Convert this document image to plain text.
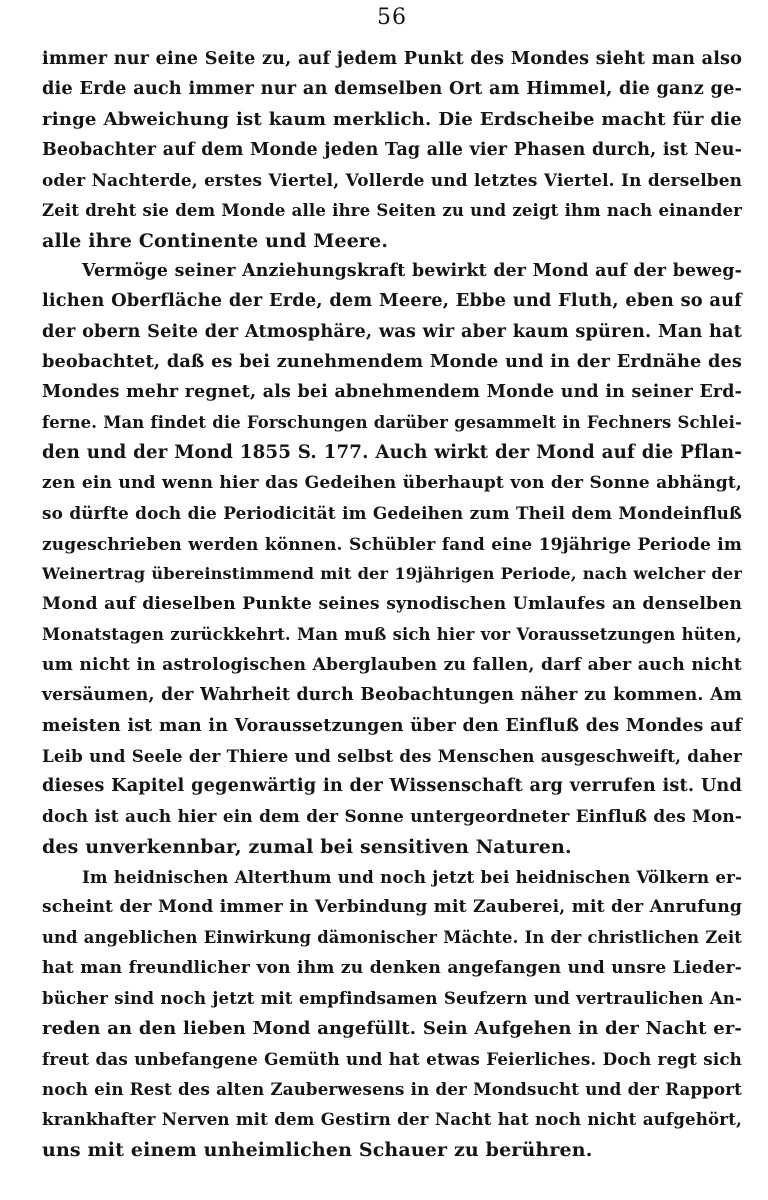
56
immer nur eine Seite zu, auf jedem Punkt des Mondes sieht man also
die Erde auch immer nur an demselben Ort am Himmel, die ganz ge-
ringe Abweichung ist kaum merklich. Die Erdscheibe macht für die
Beobachter auf dem Monde jeden Tag alle vier Phasen durch, ist Neu-
oder Nachterde, erstes Viertel, Vollerde und letztes Viertel. In derselben
Zeit dreht sie dem Monde alle ihre Seiten zu und zeigt ihm nach einander
alle ihre Continente und Meere.
Vermöge seiner Anziehungskraft bewirkt der Mond auf der beweg-
lichen Oberfläche der Erde, dem Meere, Ebbe und Fluth, eben so auf
der obern Seite der Atmosphäre, was wir aber kaum spüren. Man hat
beobachtet, daß es bei zunehmendem Monde und in der Erdnähe des
Mondes mehr regnet, als bei abnehmendem Monde und in seiner Erd-
ferne. Man findet die Forschungen darüber gesammelt in Fechners Schlei-
den und der Mond 1855 S. 177. Auch wirkt der Mond auf die Pflan-
zen ein und wenn hier das Gedeihen überhaupt von der Sonne abhängt,
so dürfte doch die Periodicität im Gedeihen zum Theil dem Mondeinfluß
zugeschrieben werden können. Schübler fand eine 19jährige Periode im
Weinertrag übereinstimmend mit der 19jährigen Periode, nach welcher der
Mond auf dieselben Punkte seines synodischen Umlaufes an denselben
Monatstagen zurückkehrt. Man muß sich hier vor Voraussetzungen hüten,
um nicht in astrologischen Aberglauben zu fallen, darf aber auch nicht
versäumen, der Wahrheit durch Beobachtungen näher zu kommen. Am
meisten ist man in Voraussetzungen über den Einfluß des Mondes auf
Leib und Seele der Thiere und selbst des Menschen ausgeschweift, daher
dieses Kapitel gegenwärtig in der Wissenschaft arg verrufen ist. Und
doch ist auch hier ein dem der Sonne untergeordneter Einfluß des Mon-
des unverkennbar, zumal bei sensitiven Naturen.
Im heidnischen Alterthum und noch jetzt bei heidnischen Völkern er-
scheint der Mond immer in Verbindung mit Zauberei, mit der Anrufung
und angeblichen Einwirkung dämonischer Mächte. In der christlichen Zeit
hat man freundlicher von ihm zu denken angefangen und unsre Lieder-
bücher sind noch jetzt mit empfindsamen Seufzern und vertraulichen An-
reden an den lieben Mond angefüllt. Sein Aufgehen in der Nacht er-
freut das unbefangene Gemüth und hat etwas Feierliches. Doch regt sich
noch ein Rest des alten Zauberwesens in der Mondsucht und der Rapport
krankhafter Nerven mit dem Gestirn der Nacht hat noch nicht aufgehört,
uns mit einem unheimlichen Schauer zu berühren.
